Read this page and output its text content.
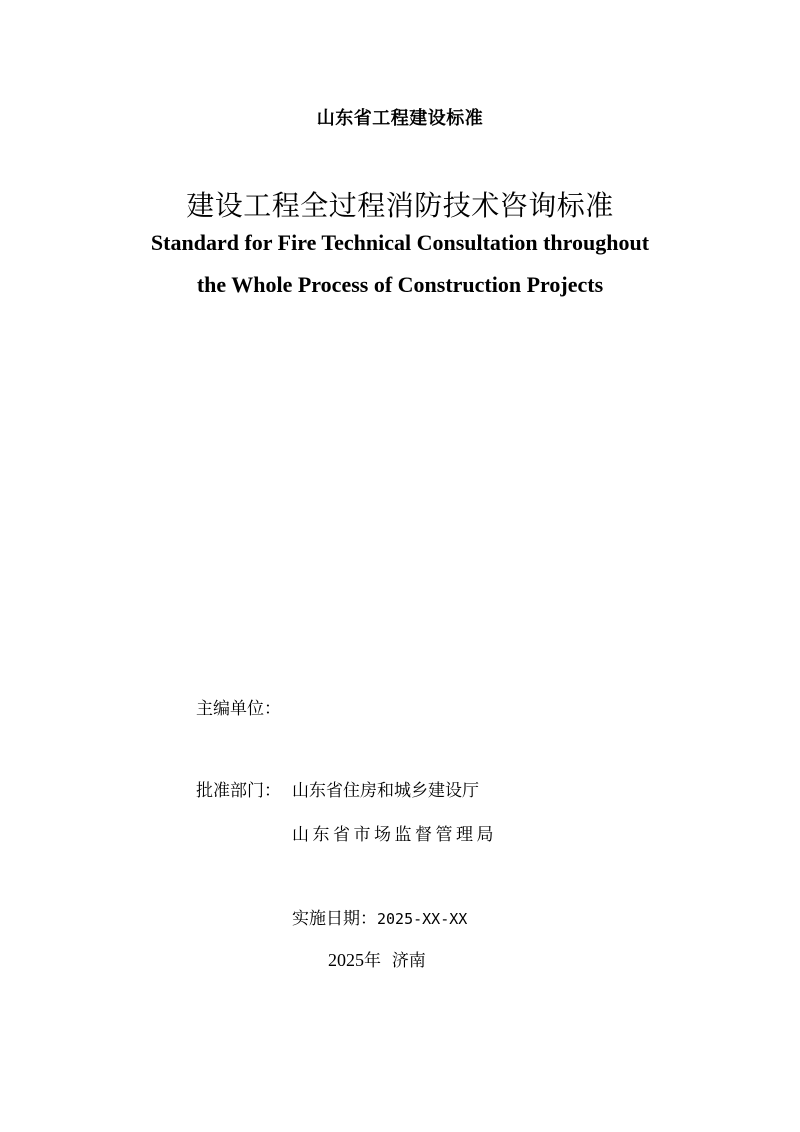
山东省工程建设标准
建设工程全过程消防技术咨询标准
Standard for Fire Technical Consultation throughout
the Whole Process of Construction Projects
主编单位：
批准部门： 山东省住房和城乡建设厅
山东省市场监督管理局
实施日期：2025-XX-XX
2025年 济南
